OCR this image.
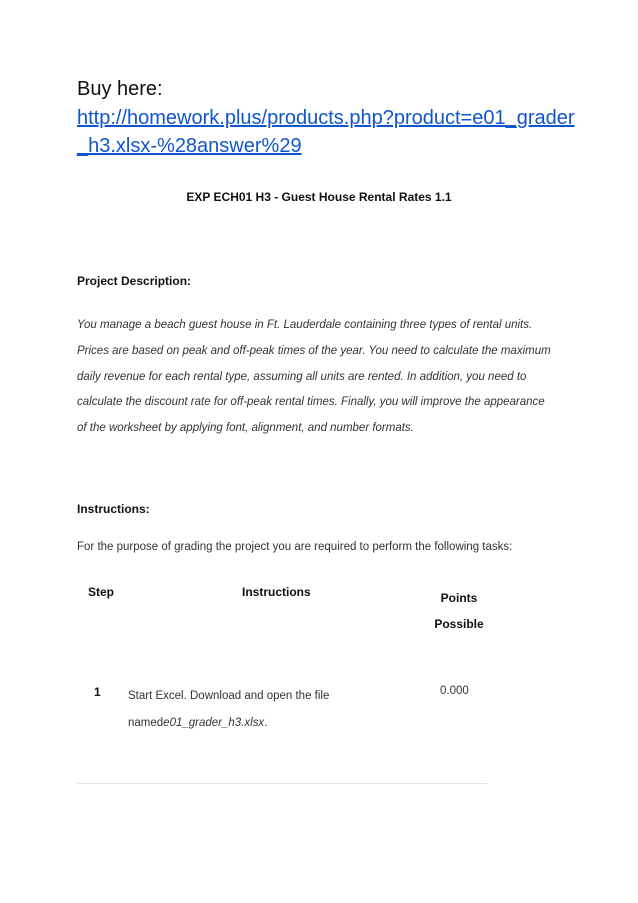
Buy here:
http://homework.plus/products.php?product=e01_grader_h3.xlsx-%28answer%29
EXP ECH01 H3 - Guest House Rental Rates 1.1
Project Description:
You manage a beach guest house in Ft. Lauderdale containing three types of rental units. Prices are based on peak and off-peak times of the year. You need to calculate the maximum daily revenue for each rental type, assuming all units are rented. In addition, you need to calculate the discount rate for off-peak rental times. Finally, you will improve the appearance of the worksheet by applying font, alignment, and number formats.
Instructions:
For the purpose of grading the project you are required to perform the following tasks:
Step	Instructions	Points Possible
1 Start Excel. Download and open the file namede01_grader_h3.xlsx.
0.000
